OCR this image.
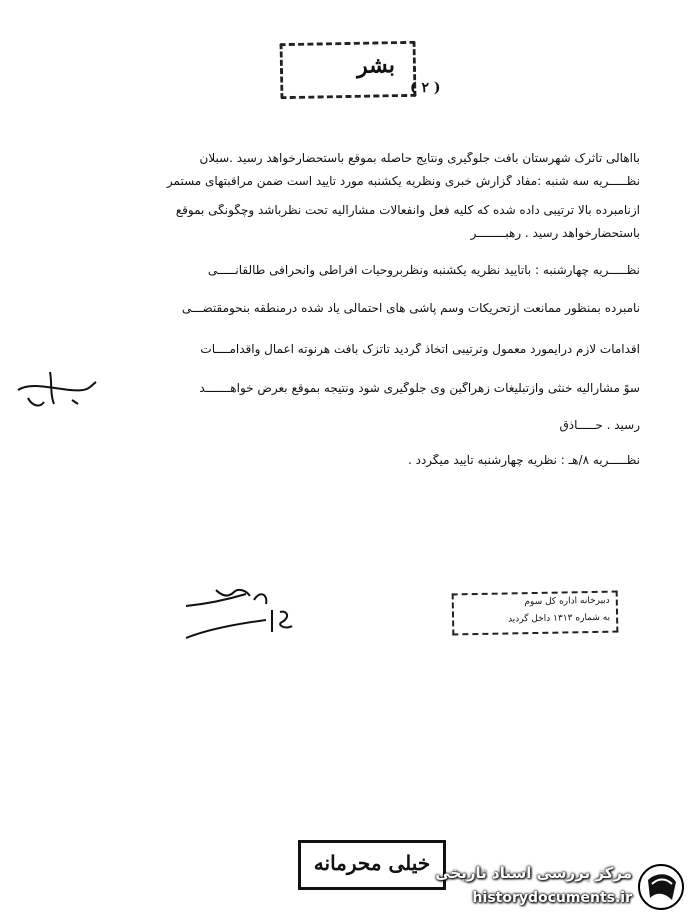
بشر
( ٢ )

بااهالی تاثرک شهرستان بافت جلوگیری ونتایج حاصله بموقع باستحضارخواهد رسید .سبلان

نظـــــریه سه شنبه :مفاد گزارش خبری ونظریه یکشنبه مورد تأیید است ضمن مراقبتهای مستمر

ازنامبرده بالا ترتیبی داده شده که کلیه فعل وانفعالات مشارالیه تحت نظرباشد وچگونگی بموقع

باستحضارخواهد رسید . رهبــــــــر

نظـــــریه چهارشنبه : باتأیید نظریه یکشنبه ونظربروحیات افراطی وانحرافی طالقانـــــی

نامبرده بمنظور ممانعت ازتحریکات وسم پاشی های احتمالی یاد شده درمنطقه بنحومقتضـــی

اقدامات لازم درایمورد معمول وترتیبی اتخاذ گردید تاتزک بافت هرنوته اعمال واقدامــــات

سوً مشارالیه خنثی وازتبلیغات زهرآگین وی جلوگیری شود ونتیجه بموقع بعرض خواهـــــــد

رسید . حـــــاذق

نظـــــریه ٨/هـ : نظریه چهارشنبه تأیید میگردد .

دبیرخانه اداره کل سوم
به شماره ۱۳۱۳ داخل گردید
خیلی محرمانه مرکز بررسی اسناد تاریخی
historydocuments.ir
